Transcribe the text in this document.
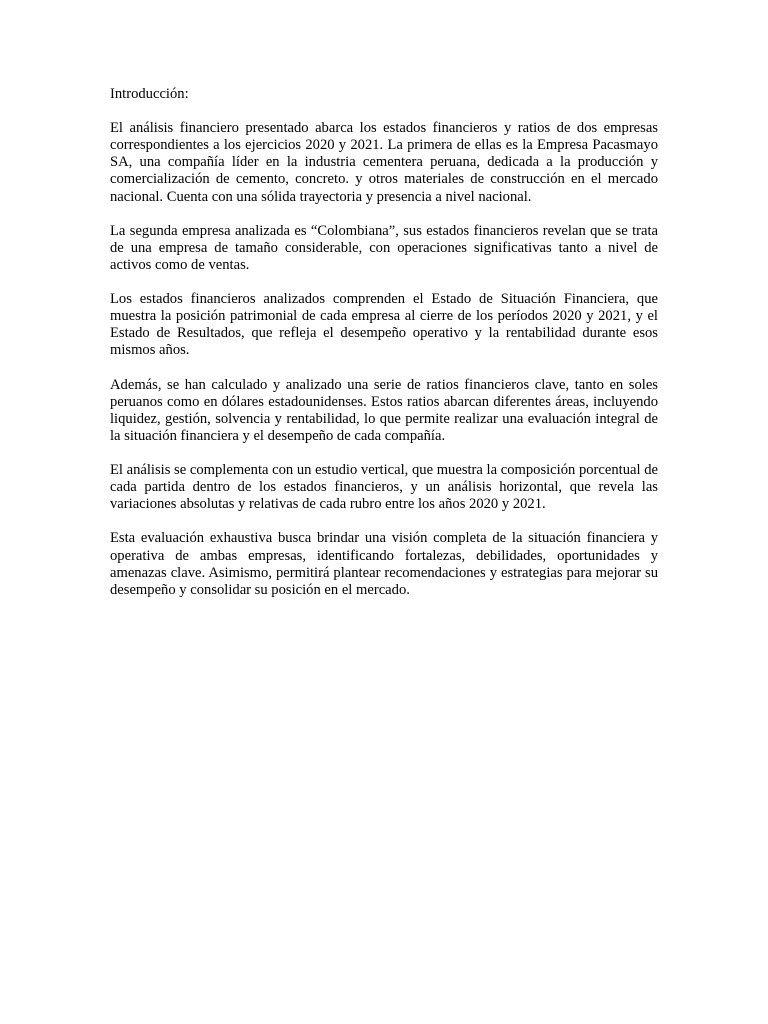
Introducción:

El análisis financiero presentado abarca los estados financieros y ratios de dos empresas correspondientes a los ejercicios 2020 y 2021. La primera de ellas es la Empresa Pacasmayo SA, una compañía líder en la industria cementera peruana, dedicada a la producción y comercialización de cemento, concreto. y otros materiales de construcción en el mercado nacional. Cuenta con una sólida trayectoria y presencia a nivel nacional.

La segunda empresa analizada es “Colombiana”, sus estados financieros revelan que se trata de una empresa de tamaño considerable, con operaciones significativas tanto a nivel de activos como de ventas.

Los estados financieros analizados comprenden el Estado de Situación Financiera, que muestra la posición patrimonial de cada empresa al cierre de los períodos 2020 y 2021, y el Estado de Resultados, que refleja el desempeño operativo y la rentabilidad durante esos mismos años.

Además, se han calculado y analizado una serie de ratios financieros clave, tanto en soles peruanos como en dólares estadounidenses. Estos ratios abarcan diferentes áreas, incluyendo liquidez, gestión, solvencia y rentabilidad, lo que permite realizar una evaluación integral de la situación financiera y el desempeño de cada compañía.

El análisis se complementa con un estudio vertical, que muestra la composición porcentual de cada partida dentro de los estados financieros, y un análisis horizontal, que revela las variaciones absolutas y relativas de cada rubro entre los años 2020 y 2021.

Esta evaluación exhaustiva busca brindar una visión completa de la situación financiera y operativa de ambas empresas, identificando fortalezas, debilidades, oportunidades y amenazas clave. Asimismo, permitirá plantear recomendaciones y estrategias para mejorar su desempeño y consolidar su posición en el mercado.
